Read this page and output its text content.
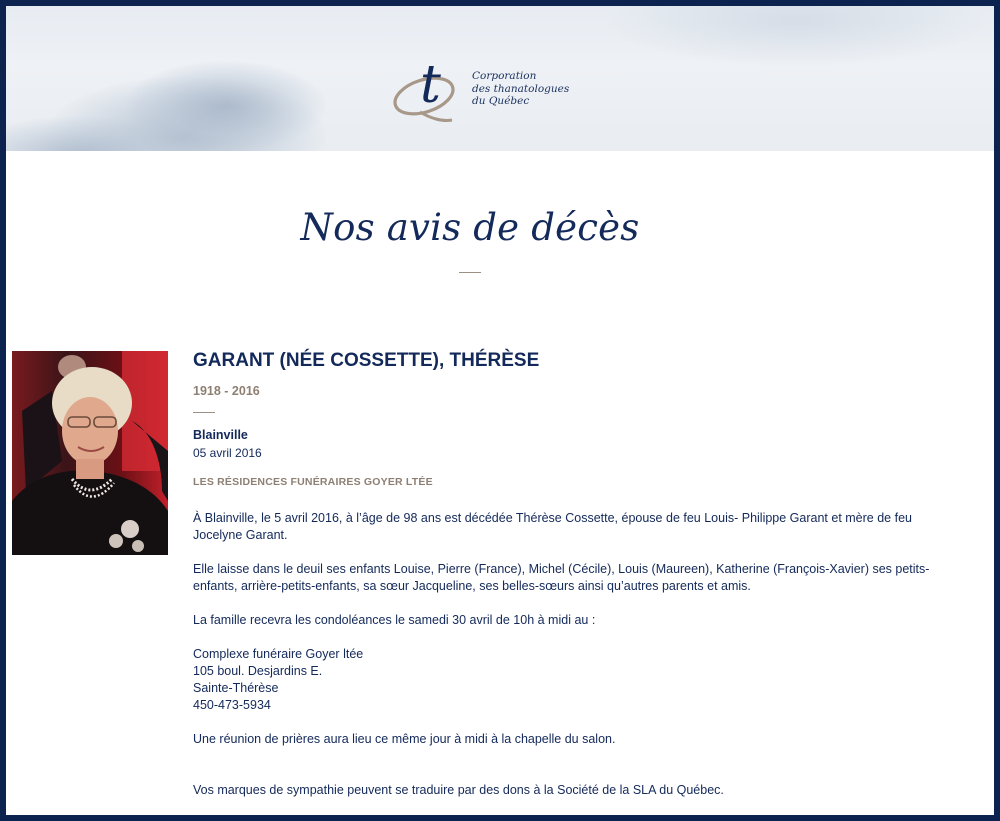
t	Corporation
des thanatologues
du Québec
Nos avis de décès
GARANT (NÉE COSSETTE), THÉRÈSE
1918 - 2016
Blainville
05 avril 2016
LES RÉSIDENCES FUNÉRAIRES GOYER LTÉE

À Blainville, le 5 avril 2016, à l’âge de 98 ans est décédée Thérèse Cossette, épouse de feu Louis- Philippe Garant et mère de feu Jocelyne Garant.

Elle laisse dans le deuil ses enfants Louise, Pierre (France), Michel (Cécile), Louis (Maureen), Katherine (François-Xavier) ses petits-enfants, arrière-petits-enfants, sa sœur Jacqueline, ses belles-sœurs ainsi qu’autres parents et amis.

La famille recevra les condoléances le samedi 30 avril de 10h à midi au :

Complexe funéraire Goyer ltée

105 boul. Desjardins E.

Sainte-Thérèse

450-473-5934

Une réunion de prières aura lieu ce même jour à midi à la chapelle du salon.

Vos marques de sympathie peuvent se traduire par des dons à la Société de la SLA du Québec.
